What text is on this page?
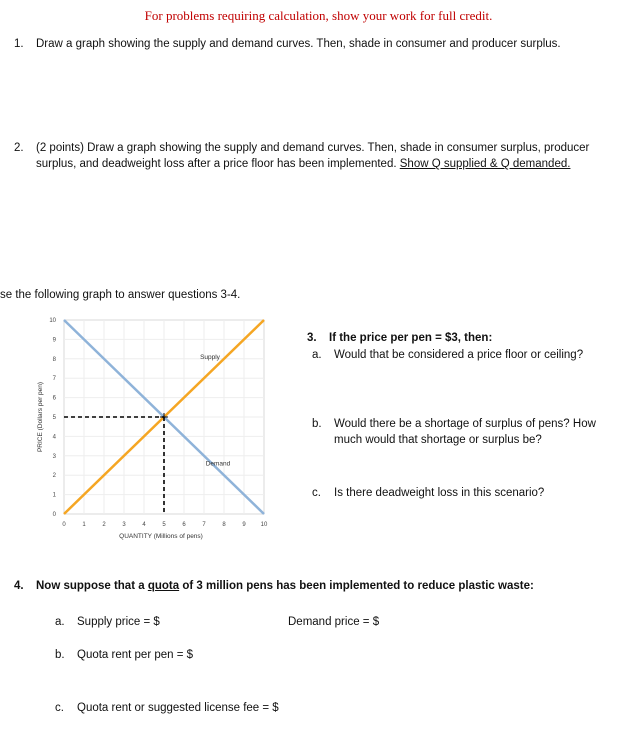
For problems requiring calculation, show your work for full credit.
1. Draw a graph showing the supply and demand curves. Then, shade in consumer and producer surplus.
2. (2 points) Draw a graph showing the supply and demand curves. Then, shade in consumer surplus, producer
surplus, and deadweight loss after a price floor has been implemented. Show Q supplied & Q demanded.
se the following graph to answer questions 3-4.
0	1	2	3	4	5	6	7	8	9 10
0
1
2
3
4
5
6
7
8
9
10
QUANTITY (Millions of pens)
PRICE (Dollars per pen)
Supply
Demand
3. If the price per pen = $3, then:
a. Would that be considered a price floor or ceiling?
b. Would there be a shortage of surplus of pens? How
much would that shortage or surplus be?
c. Is there deadweight loss in this scenario?
4. Now suppose that a quota of 3 million pens has been implemented to reduce plastic waste:
a. Supply price = $	Demand price = $
b. Quota rent per pen = $
c. Quota rent or suggested license fee = $
